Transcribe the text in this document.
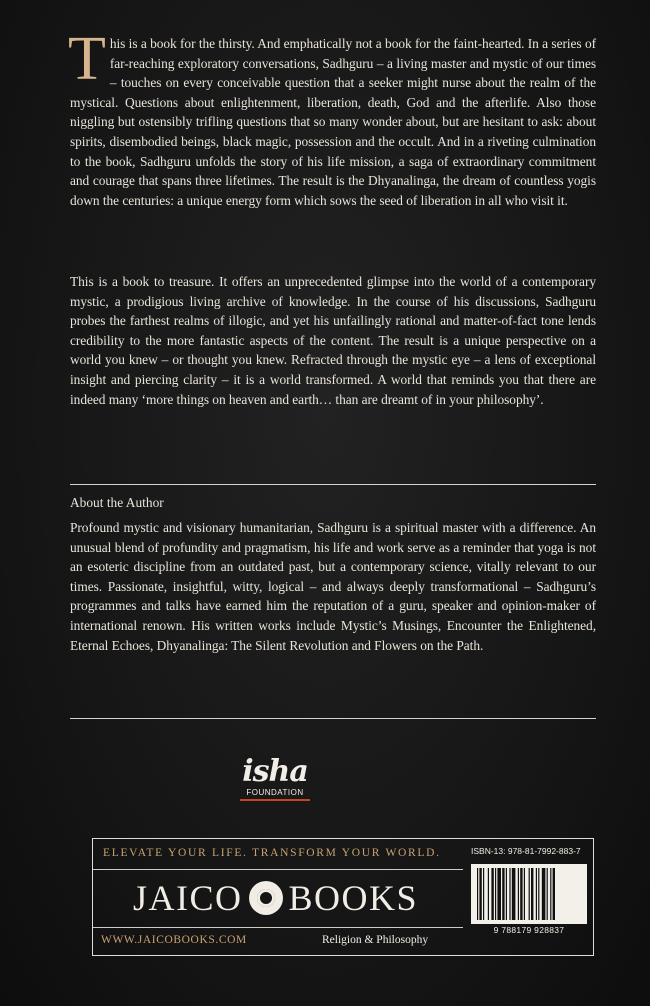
This is a book for the thirsty. And emphatically not a book for the faint-hearted. In a series of far-reaching exploratory conversations, Sadhguru – a living master and mystic of our times – touches on every conceivable question that a seeker might nurse about the realm of the mystical. Questions about enlightenment, liberation, death, God and the afterlife. Also those niggling but ostensibly trifling questions that so many wonder about, but are hesitant to ask: about spirits, disembodied beings, black magic, possession and the occult. And in a riveting culmination to the book, Sadhguru unfolds the story of his life mission, a saga of extraordinary commitment and courage that spans three lifetimes. The result is the Dhyanalinga, the dream of countless yogis down the centuries: a unique energy form which sows the seed of liberation in all who visit it.
This is a book to treasure. It offers an unprecedented glimpse into the world of a contemporary mystic, a prodigious living archive of knowledge. In the course of his discussions, Sadhguru probes the farthest realms of illogic, and yet his unfailingly rational and matter-of-fact tone lends credibility to the more fantastic aspects of the content. The result is a unique perspective on a world you knew – or thought you knew. Refracted through the mystic eye – a lens of exceptional insight and piercing clarity – it is a world transformed. A world that reminds you that there are indeed many ‘more things on heaven and earth… than are dreamt of in your philosophy’.
About the Author
Profound mystic and visionary humanitarian, Sadhguru is a spiritual master with a difference. An unusual blend of profundity and pragmatism, his life and work serve as a reminder that yoga is not an esoteric discipline from an outdated past, but a contemporary science, vitally relevant to our times. Passionate, insightful, witty, logical – and always deeply transformational – Sadhguru’s programmes and talks have earned him the reputation of a guru, speaker and opinion-maker of international renown. His written works include Mystic’s Musings, Encounter the Enlightened, Eternal Echoes, Dhyanalinga: The Silent Revolution and Flowers on the Path.
isha
FOUNDATION
ELEVATE YOUR LIFE. TRANSFORM YOUR WORLD.
JAICO BOOKS
WWW.JAICOBOOKS.COM	Religion & Philosophy
ISBN-13: 978-81-7992-883-7
9 788179 928837
